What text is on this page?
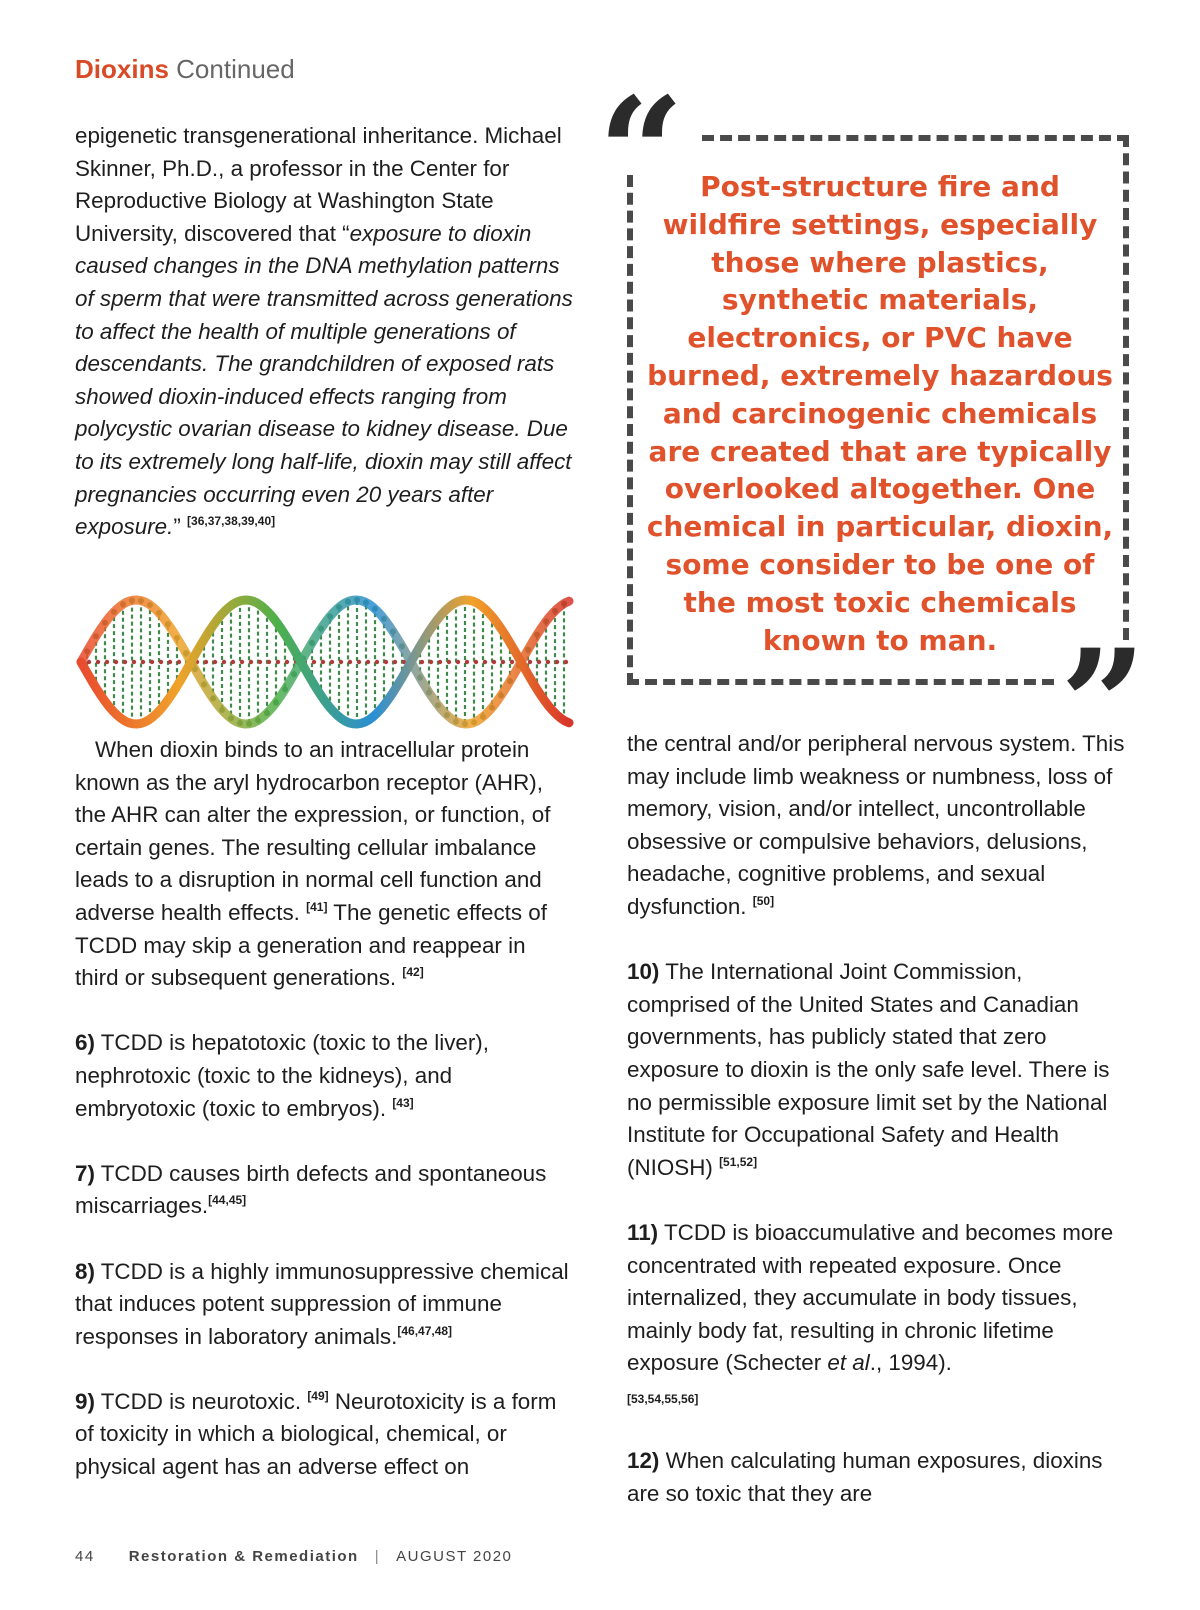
Dioxins Continued

epigenetic transgenerational inheritance. Michael Skinner, Ph.D., a professor in the Center for Reproductive Biology at Washington State University, discovered that “exposure to dioxin caused changes in the DNA methylation patterns of sperm that were transmitted across generations to affect the health of multiple generations of descendants. The grandchildren of exposed rats showed dioxin-induced effects ranging from polycystic ovarian disease to kidney disease. Due to its extremely long half-life, dioxin may still affect pregnancies occurring even 20 years after exposure.” [36,37,38,39,40]

When dioxin binds to an intracellular protein known as the aryl hydrocarbon receptor (AHR), the AHR can alter the expression, or function, of certain genes. The resulting cellular imbalance leads to a disruption in normal cell function and adverse health effects. [41] The genetic effects of TCDD may skip a generation and reappear in third or subsequent generations. [42]

6) TCDD is hepatotoxic (toxic to the liver), nephrotoxic (toxic to the kidneys), and embryotoxic (toxic to embryos). [43]

7) TCDD causes birth defects and spontaneous miscarriages.[44,45]

8) TCDD is a highly immunosuppressive chemical that induces potent suppression of immune responses in laboratory animals.[46,47,48]

9) TCDD is neurotoxic. [49] Neurotoxicity is a form of toxicity in which a biological, chemical, or physical agent has an adverse effect on

“ Post-structure fire and wildfire settings, especially those where plastics, synthetic materials, electronics, or PVC have burned, extremely hazardous and carcinogenic chemicals are created that are typically overlooked altogether. One chemical in particular, dioxin, some consider to be one of the most toxic chemicals known to man. ”

the central and/or peripheral nervous system. This may include limb weakness or numbness, loss of memory, vision, and/or intellect, uncontrollable obsessive or compulsive behaviors, delusions, headache, cognitive problems, and sexual dysfunction. [50]

10) The International Joint Commission, comprised of the United States and Canadian governments, has publicly stated that zero exposure to dioxin is the only safe level. There is no permissible exposure limit set by the National Institute for Occupational Safety and Health (NIOSH) [51,52]

11) TCDD is bioaccumulative and becomes more concentrated with repeated exposure. Once internalized, they accumulate in body tissues, mainly body fat, resulting in chronic lifetime exposure (Schecter et al., 1994).
[53,54,55,56]

12) When calculating human exposures, dioxins are so toxic that they are

44 Restoration & Remediation | AUGUST 2020
